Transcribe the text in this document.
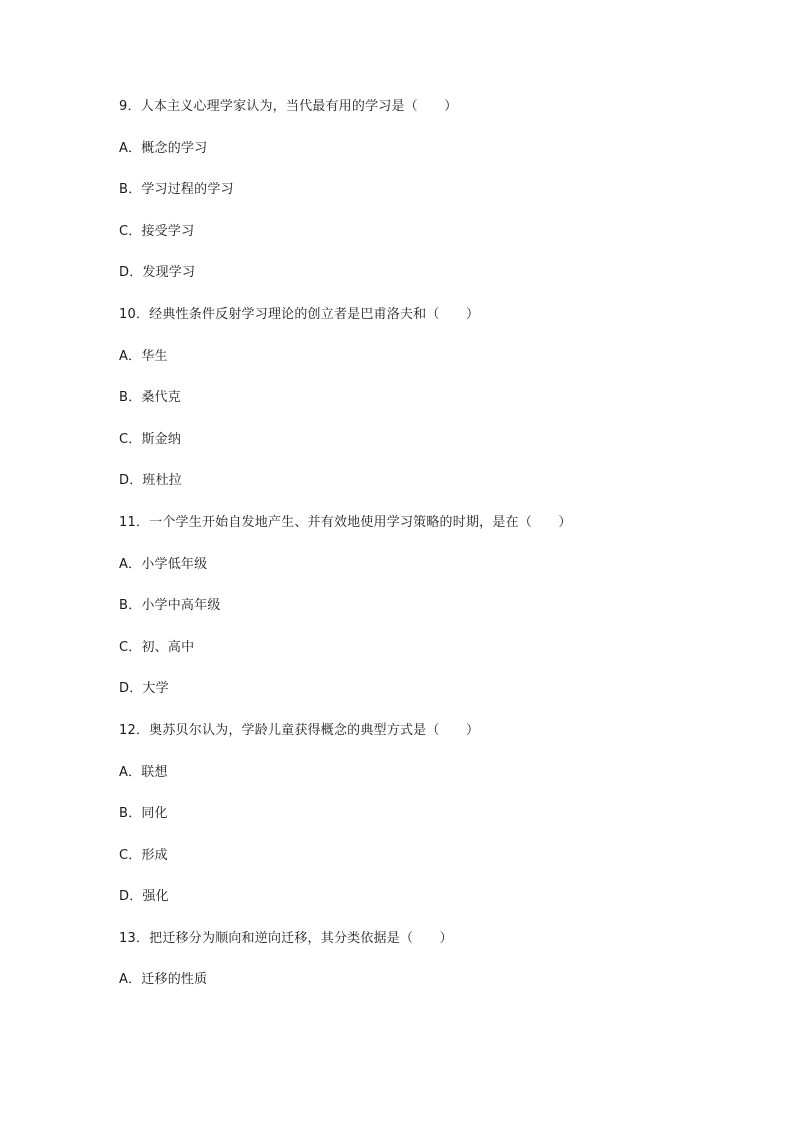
9．人本主义心理学家认为，当代最有用的学习是（　　）
A．概念的学习
B．学习过程的学习
C．接受学习
D．发现学习
10．经典性条件反射学习理论的创立者是巴甫洛夫和（　　）
A．华生
B．桑代克
C．斯金纳
D．班杜拉
11．一个学生开始自发地产生、并有效地使用学习策略的时期，是在（　　）
A．小学低年级
B．小学中高年级
C．初、高中
D．大学
12．奥苏贝尔认为，学龄儿童获得概念的典型方式是（　　）
A．联想
B．同化
C．形成
D．强化
13．把迁移分为顺向和逆向迁移，其分类依据是（　　）
A．迁移的性质
